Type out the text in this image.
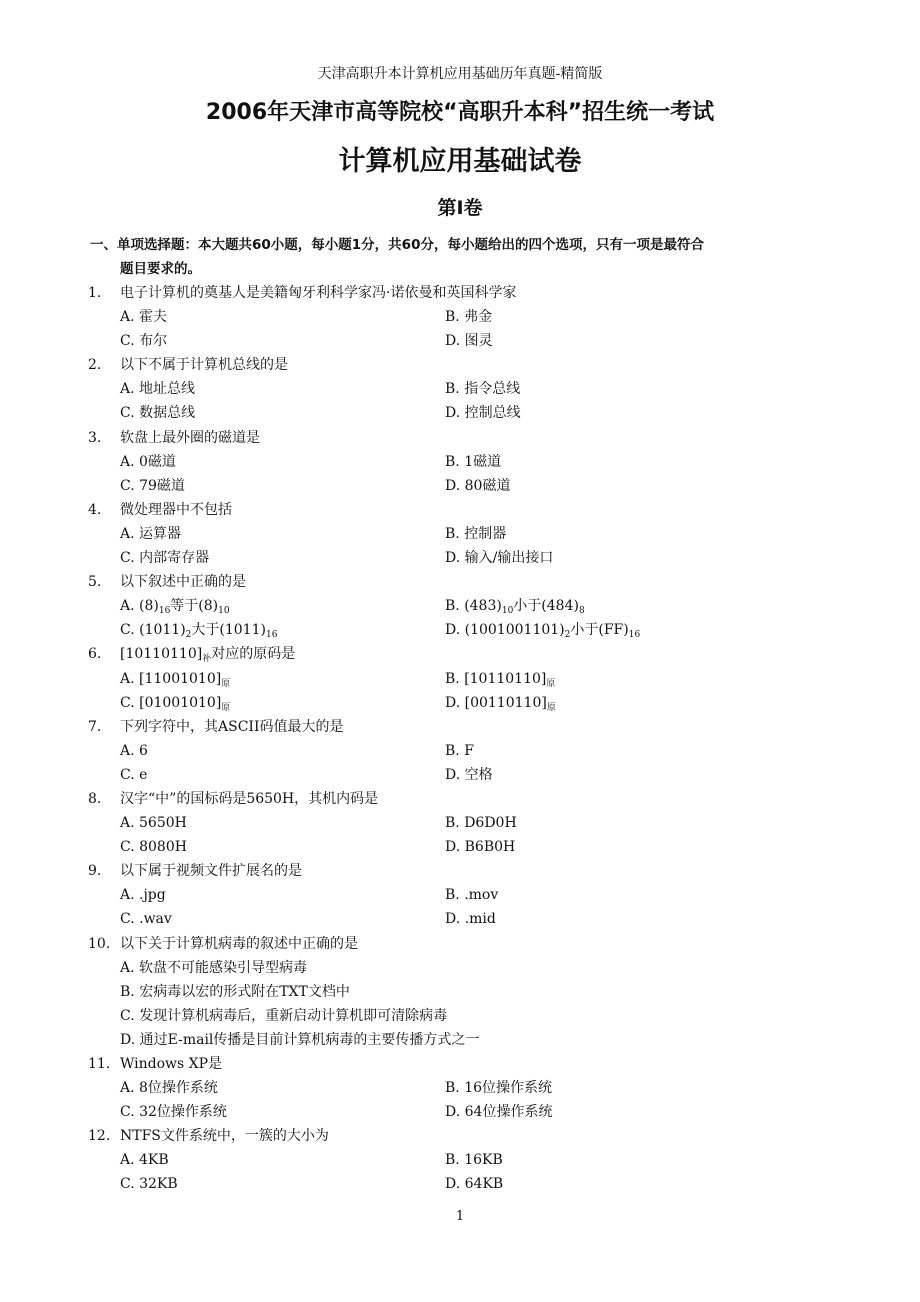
天津高职升本计算机应用基础历年真题-精简版
2006年天津市高等院校“高职升本科”招生统一考试
计算机应用基础试卷
第I卷
一、单项选择题：本大题共60小题，每小题1分，共60分，每小题给出的四个选项，只有一项是最符合
题目要求的。
1. 电子计算机的奠基人是美籍匈牙利科学家冯·诺依曼和英国科学家
A. 霍夫	B. 弗金
C. 布尔	D. 图灵
2. 以下不属于计算机总线的是
A. 地址总线	B. 指令总线
C. 数据总线	D. 控制总线
3. 软盘上最外圈的磁道是
A. 0磁道	B. 1磁道
C. 79磁道	D. 80磁道
4. 微处理器中不包括
A. 运算器	B. 控制器
C. 内部寄存器	D. 输入/输出接口
5. 以下叙述中正确的是
A. $(8)_{16}$等于$(8)_{10}$	B. $(483)_{10}$小于$(484)_8$
C. $(1011)_2$大于$(1011)_{16}$	D. $(1001001101)_2$小于$(FF)_{16}$
6. $[10110110]_补$对应的原码是
A. $[11001010]_原$	B. $[10110110]_原$
C. $[01001010]_原$	D. $[00110110]_原$
7. 下列字符中，其ASCII码值最大的是
A. 6	B. F
C. e	D. 空格
8. 汉字“中”的国标码是5650H，其机内码是
A. 5650H	B. D6D0H
C. 8080H	D. B6B0H
9. 以下属于视频文件扩展名的是
A. .jpg	B. .mov
C. .wav	D. .mid
10. 以下关于计算机病毒的叙述中正确的是
A. 软盘不可能感染引导型病毒
B. 宏病毒以宏的形式附在TXT文档中
C. 发现计算机病毒后，重新启动计算机即可清除病毒
D. 通过E-mail传播是目前计算机病毒的主要传播方式之一
11. Windows XP是
A. 8位操作系统	B. 16位操作系统
C. 32位操作系统	D. 64位操作系统
12. NTFS文件系统中，一簇的大小为
A. 4KB	B. 16KB
C. 32KB	D. 64KB
1
